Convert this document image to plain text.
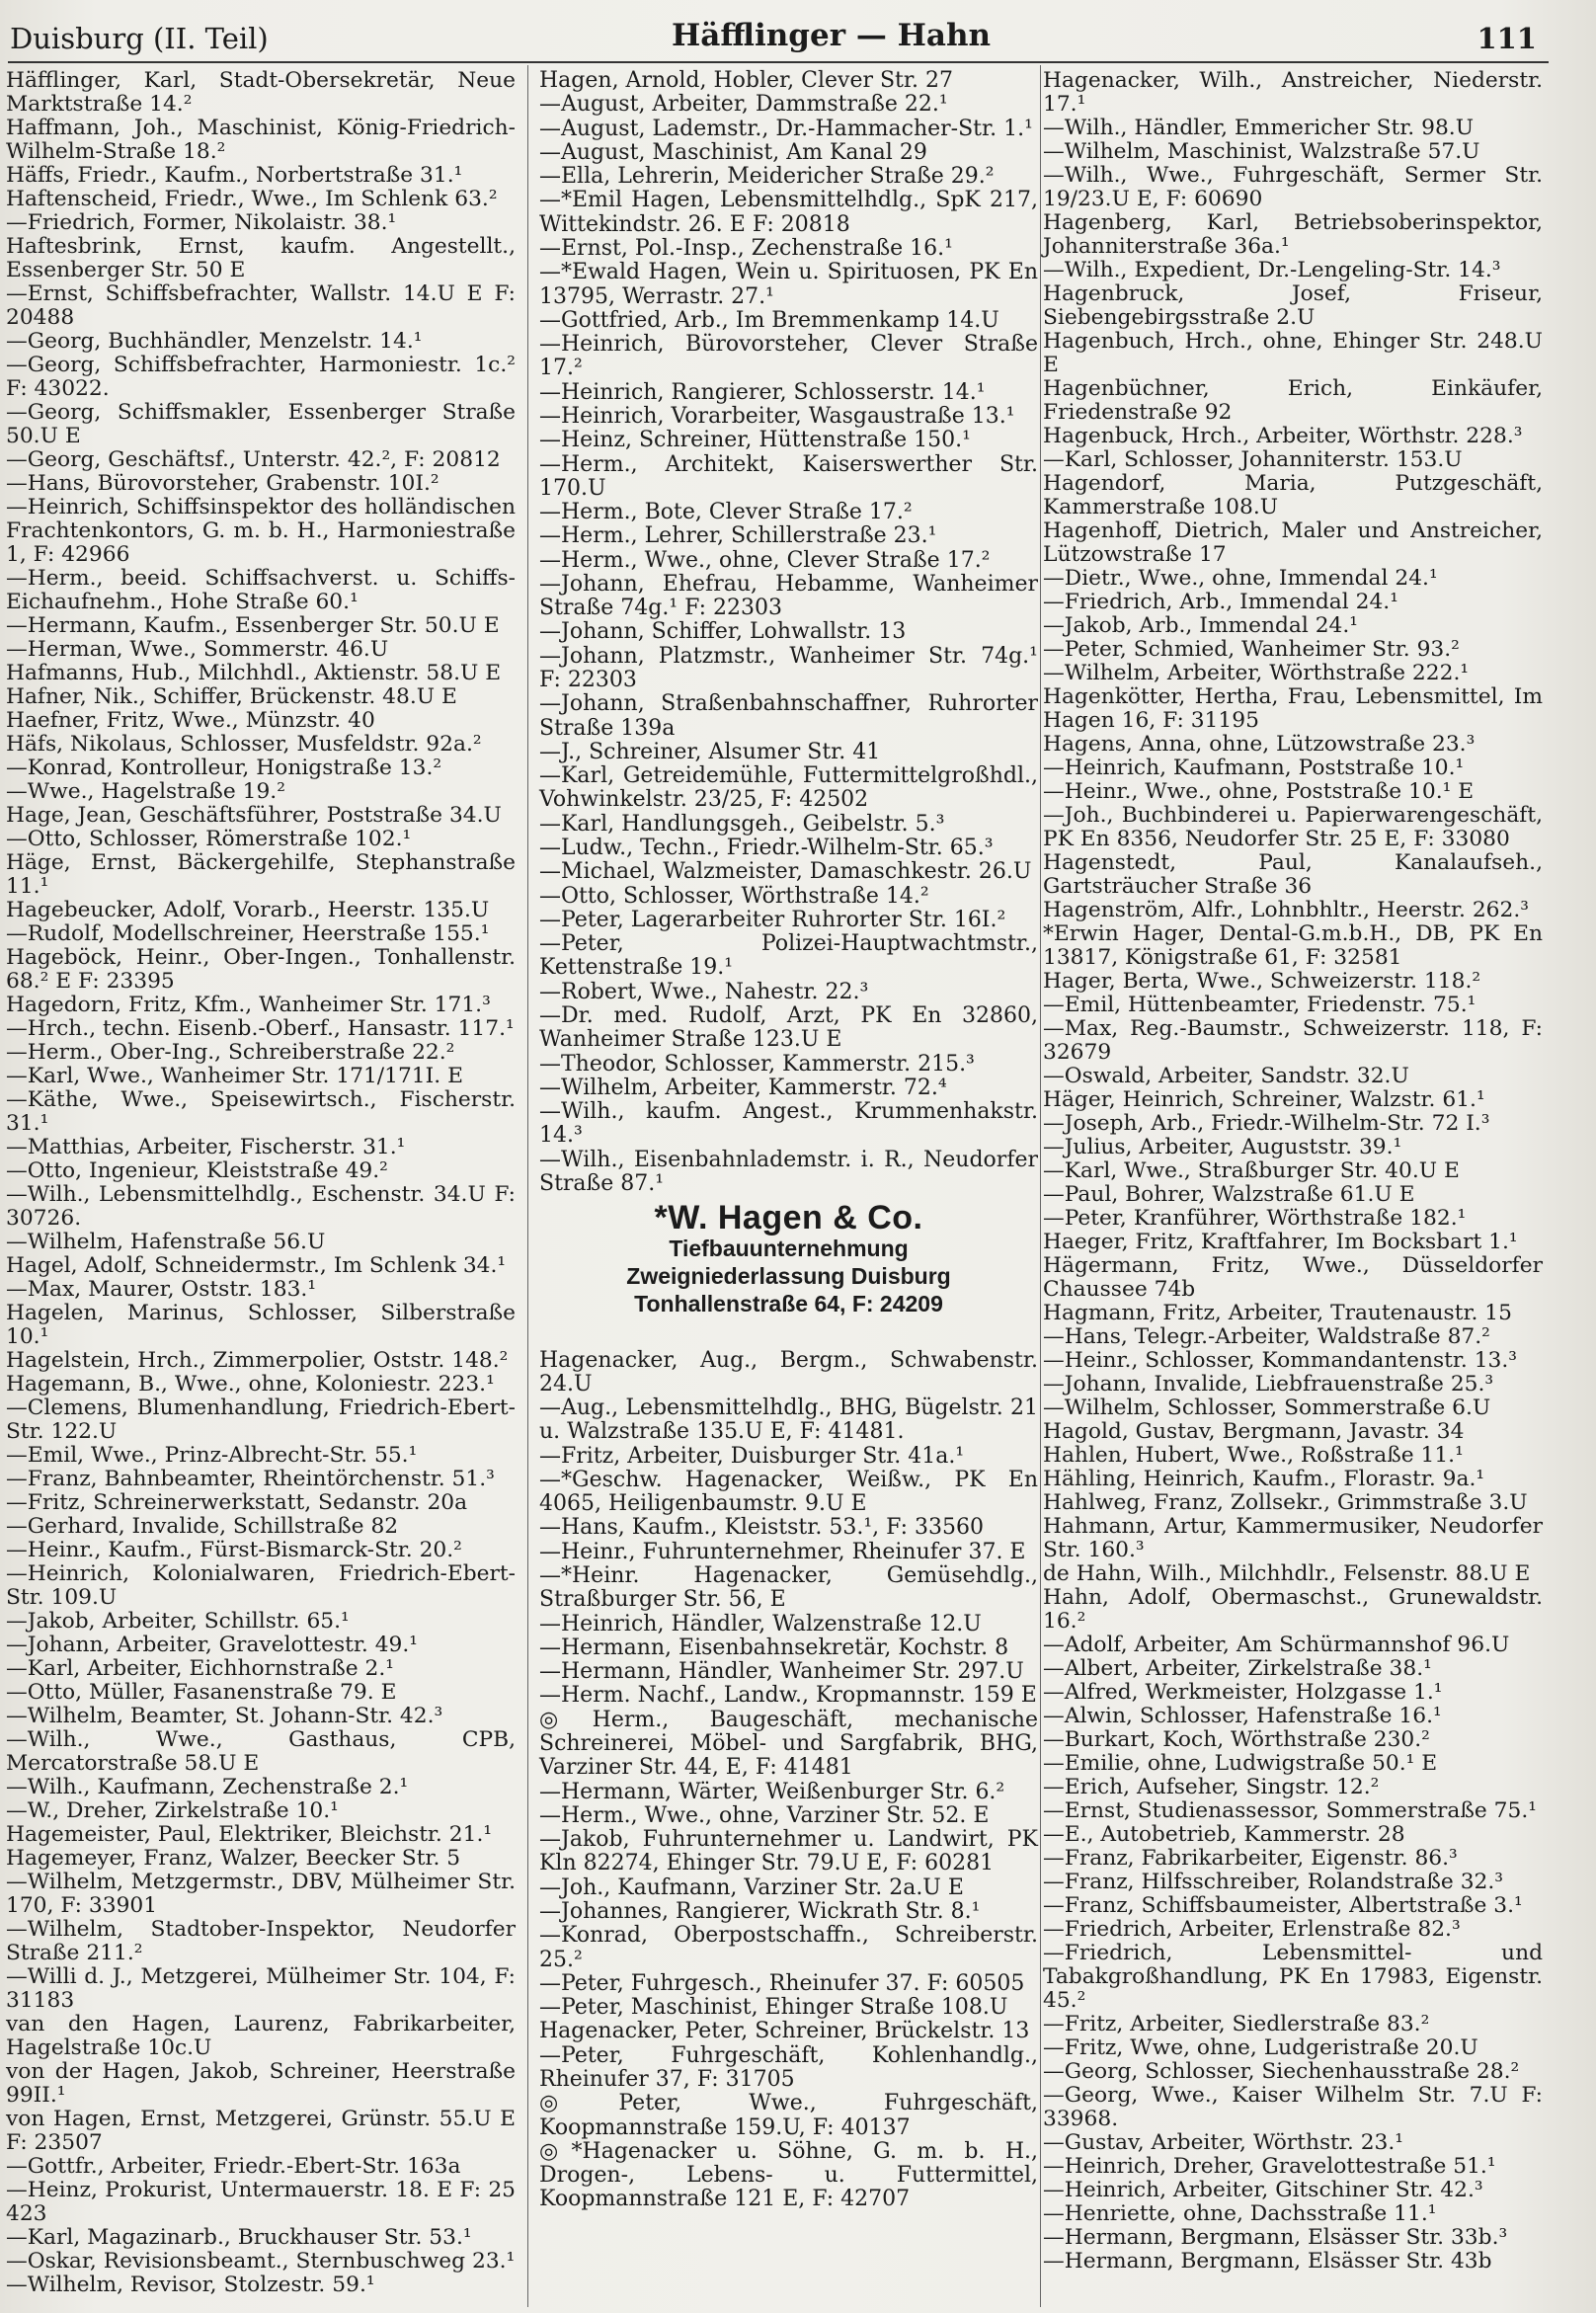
Duisburg (II. Teil)	Häfflinger — Hahn	111
Häfflinger, Karl, Stadt-Obersekretär, Neue Marktstraße 14.²
Haffmann, Joh., Maschinist, König-Friedrich-Wilhelm-Straße 18.²
Häffs, Friedr., Kaufm., Norbertstraße 31.¹
Haftenscheid, Friedr., Wwe., Im Schlenk 63.²
—Friedrich, Former, Nikolaistr. 38.¹
Haftesbrink, Ernst, kaufm. Angestellt., Essenberger Str. 50 E
—Ernst, Schiffsbefrachter, Wallstr. 14.U E F: 20488
—Georg, Buchhändler, Menzelstr. 14.¹
—Georg, Schiffsbefrachter, Harmoniestr. 1c.² F: 43022.
—Georg, Schiffsmakler, Essenberger Straße 50.U E
—Georg, Geschäftsf., Unterstr. 42.², F: 20812
—Hans, Bürovorsteher, Grabenstr. 10I.²
—Heinrich, Schiffsinspektor des holländischen Frachtenkontors, G. m. b. H., Harmoniestraße 1, F: 42966
—Herm., beeid. Schiffsachverst. u. Schiffs-Eichaufnehm., Hohe Straße 60.¹
—Hermann, Kaufm., Essenberger Str. 50.U E
—Herman, Wwe., Sommerstr. 46.U
Hafmanns, Hub., Milchhdl., Aktienstr. 58.U E
Hafner, Nik., Schiffer, Brückenstr. 48.U E
Haefner, Fritz, Wwe., Münzstr. 40
Häfs, Nikolaus, Schlosser, Musfeldstr. 92a.²
—Konrad, Kontrolleur, Honigstraße 13.²
—Wwe., Hagelstraße 19.²
Hage, Jean, Geschäftsführer, Poststraße 34.U
—Otto, Schlosser, Römerstraße 102.¹
Häge, Ernst, Bäckergehilfe, Stephanstraße 11.¹
Hagebeucker, Adolf, Vorarb., Heerstr. 135.U
—Rudolf, Modellschreiner, Heerstraße 155.¹
Hageböck, Heinr., Ober-Ingen., Tonhallenstr. 68.² E F: 23395
Hagedorn, Fritz, Kfm., Wanheimer Str. 171.³
—Hrch., techn. Eisenb.-Oberf., Hansastr. 117.¹
—Herm., Ober-Ing., Schreiberstraße 22.²
—Karl, Wwe., Wanheimer Str. 171/171I. E
—Käthe, Wwe., Speisewirtsch., Fischerstr. 31.¹
—Matthias, Arbeiter, Fischerstr. 31.¹
—Otto, Ingenieur, Kleiststraße 49.²
—Wilh., Lebensmittelhdlg., Eschenstr. 34.U F: 30726.
—Wilhelm, Hafenstraße 56.U
Hagel, Adolf, Schneidermstr., Im Schlenk 34.¹
—Max, Maurer, Oststr. 183.¹
Hagelen, Marinus, Schlosser, Silberstraße 10.¹
Hagelstein, Hrch., Zimmerpolier, Oststr. 148.²
Hagemann, B., Wwe., ohne, Koloniestr. 223.¹
—Clemens, Blumenhandlung, Friedrich-Ebert-Str. 122.U
—Emil, Wwe., Prinz-Albrecht-Str. 55.¹
—Franz, Bahnbeamter, Rheintörchenstr. 51.³
—Fritz, Schreinerwerkstatt, Sedanstr. 20a
—Gerhard, Invalide, Schillstraße 82
—Heinr., Kaufm., Fürst-Bismarck-Str. 20.²
—Heinrich, Kolonialwaren, Friedrich-Ebert-Str. 109.U
—Jakob, Arbeiter, Schillstr. 65.¹
—Johann, Arbeiter, Gravelottestr. 49.¹
—Karl, Arbeiter, Eichhornstraße 2.¹
—Otto, Müller, Fasanenstraße 79. E
—Wilhelm, Beamter, St. Johann-Str. 42.³
—Wilh., Wwe., Gasthaus, CPB, Mercatorstraße 58.U E
—Wilh., Kaufmann, Zechenstraße 2.¹
—W., Dreher, Zirkelstraße 10.¹
Hagemeister, Paul, Elektriker, Bleichstr. 21.¹
Hagemeyer, Franz, Walzer, Beecker Str. 5
—Wilhelm, Metzgermstr., DBV, Mülheimer Str. 170, F: 33901
—Wilhelm, Stadtober-Inspektor, Neudorfer Straße 211.²
—Willi d. J., Metzgerei, Mülheimer Str. 104, F: 31183
van den Hagen, Laurenz, Fabrikarbeiter, Hagelstraße 10c.U
von der Hagen, Jakob, Schreiner, Heerstraße 99II.¹
von Hagen, Ernst, Metzgerei, Grünstr. 55.U E F: 23507
—Gottfr., Arbeiter, Friedr.-Ebert-Str. 163a
—Heinz, Prokurist, Untermauerstr. 18. E F: 25 423
—Karl, Magazinarb., Bruckhauser Str. 53.¹
—Oskar, Revisionsbeamt., Sternbuschweg 23.¹
—Wilhelm, Revisor, Stolzestr. 59.¹
Hagen, Arnold, Hobler, Clever Str. 27
—August, Arbeiter, Dammstraße 22.¹
—August, Lademstr., Dr.-Hammacher-Str. 1.¹
—August, Maschinist, Am Kanal 29
—Ella, Lehrerin, Meidericher Straße 29.²
—*Emil Hagen, Lebensmittelhdlg., SpK 217, Wittekindstr. 26. E F: 20818
—Ernst, Pol.-Insp., Zechenstraße 16.¹
—*Ewald Hagen, Wein u. Spirituosen, PK En 13795, Werrastr. 27.¹
—Gottfried, Arb., Im Bremmenkamp 14.U
—Heinrich, Bürovorsteher, Clever Straße 17.²
—Heinrich, Rangierer, Schlosserstr. 14.¹
—Heinrich, Vorarbeiter, Wasgaustraße 13.¹
—Heinz, Schreiner, Hüttenstraße 150.¹
—Herm., Architekt, Kaiserswerther Str. 170.U
—Herm., Bote, Clever Straße 17.²
—Herm., Lehrer, Schillerstraße 23.¹
—Herm., Wwe., ohne, Clever Straße 17.²
—Johann, Ehefrau, Hebamme, Wanheimer Straße 74g.¹ F: 22303
—Johann, Schiffer, Lohwallstr. 13
—Johann, Platzmstr., Wanheimer Str. 74g.¹ F: 22303
—Johann, Straßenbahnschaffner, Ruhrorter Straße 139a
—J., Schreiner, Alsumer Str. 41
—Karl, Getreidemühle, Futtermittelgroßhdl., Vohwinkelstr. 23/25, F: 42502
—Karl, Handlungsgeh., Geibelstr. 5.³
—Ludw., Techn., Friedr.-Wilhelm-Str. 65.³
—Michael, Walzmeister, Damaschkestr. 26.U
—Otto, Schlosser, Wörthstraße 14.²
—Peter, Lagerarbeiter Ruhrorter Str. 16I.²
—Peter, Polizei-Hauptwachtmstr., Kettenstraße 19.¹
—Robert, Wwe., Nahestr. 22.³
—Dr. med. Rudolf, Arzt, PK En 32860, Wanheimer Straße 123.U E
—Theodor, Schlosser, Kammerstr. 215.³
—Wilhelm, Arbeiter, Kammerstr. 72.⁴
—Wilh., kaufm. Angest., Krummenhakstr. 14.³
—Wilh., Eisenbahnlademstr. i. R., Neudorfer Straße 87.¹
*W. Hagen & Co.
Tiefbauunternehmung
Zweigniederlassung Duisburg
Tonhallenstraße 64, F: 24209
Hagenacker, Aug., Bergm., Schwabenstr. 24.U
—Aug., Lebensmittelhdlg., BHG, Bügelstr. 21 u. Walzstraße 135.U E, F: 41481.
—Fritz, Arbeiter, Duisburger Str. 41a.¹
—*Geschw. Hagenacker, Weißw., PK En 4065, Heiligenbaumstr. 9.U E
—Hans, Kaufm., Kleiststr. 53.¹, F: 33560
—Heinr., Fuhrunternehmer, Rheinufer 37. E
—*Heinr. Hagenacker, Gemüsehdlg., Straßburger Str. 56, E
—Heinrich, Händler, Walzenstraße 12.U
—Hermann, Eisenbahnsekretär, Kochstr. 8
—Hermann, Händler, Wanheimer Str. 297.U
—Herm. Nachf., Landw., Kropmannstr. 159 E
◎Herm., Baugeschäft, mechanische Schreinerei, Möbel- und Sargfabrik, BHG, Varziner Str. 44, E, F: 41481
—Hermann, Wärter, Weißenburger Str. 6.²
—Herm., Wwe., ohne, Varziner Str. 52. E
—Jakob, Fuhrunternehmer u. Landwirt, PK Kln 82274, Ehinger Str. 79.U E, F: 60281
—Joh., Kaufmann, Varziner Str. 2a.U E
—Johannes, Rangierer, Wickrath Str. 8.¹
—Konrad, Oberpostschaffn., Schreiberstr. 25.²
—Peter, Fuhrgesch., Rheinufer 37. F: 60505
—Peter, Maschinist, Ehinger Straße 108.U
Hagenacker, Peter, Schreiner, Brückelstr. 13
—Peter, Fuhrgeschäft, Kohlenhandlg., Rheinufer 37, F: 31705
◎Peter, Wwe., Fuhrgeschäft, Koopmannstraße 159.U, F: 40137
◎*Hagenacker u. Söhne, G. m. b. H., Drogen-, Lebens- u. Futtermittel, Koopmannstraße 121 E, F: 42707
Hagenacker, Wilh., Anstreicher, Niederstr. 17.¹
—Wilh., Händler, Emmericher Str. 98.U
—Wilhelm, Maschinist, Walzstraße 57.U
—Wilh., Wwe., Fuhrgeschäft, Sermer Str. 19/23.U E, F: 60690
Hagenberg, Karl, Betriebsoberinspektor, Johanniterstraße 36a.¹
—Wilh., Expedient, Dr.-Lengeling-Str. 14.³
Hagenbruck, Josef, Friseur, Siebengebirgsstraße 2.U
Hagenbuch, Hrch., ohne, Ehinger Str. 248.U E
Hagenbüchner, Erich, Einkäufer, Friedenstraße 92
Hagenbuck, Hrch., Arbeiter, Wörthstr. 228.³
—Karl, Schlosser, Johanniterstr. 153.U
Hagendorf, Maria, Putzgeschäft, Kammerstraße 108.U
Hagenhoff, Dietrich, Maler und Anstreicher, Lützowstraße 17
—Dietr., Wwe., ohne, Immendal 24.¹
—Friedrich, Arb., Immendal 24.¹
—Jakob, Arb., Immendal 24.¹
—Peter, Schmied, Wanheimer Str. 93.²
—Wilhelm, Arbeiter, Wörthstraße 222.¹
Hagenkötter, Hertha, Frau, Lebensmittel, Im Hagen 16, F: 31195
Hagens, Anna, ohne, Lützowstraße 23.³
—Heinrich, Kaufmann, Poststraße 10.¹
—Heinr., Wwe., ohne, Poststraße 10.¹ E
—Joh., Buchbinderei u. Papierwarengeschäft, PK En 8356, Neudorfer Str. 25 E, F: 33080
Hagenstedt, Paul, Kanalaufseh., Gartsträucher Straße 36
Hagenström, Alfr., Lohnbhltr., Heerstr. 262.³
*Erwin Hager, Dental-G.m.b.H., DB, PK En 13817, Königstraße 61, F: 32581
Hager, Berta, Wwe., Schweizerstr. 118.²
—Emil, Hüttenbeamter, Friedenstr. 75.¹
—Max, Reg.-Baumstr., Schweizerstr. 118, F: 32679
—Oswald, Arbeiter, Sandstr. 32.U
Häger, Heinrich, Schreiner, Walzstr. 61.¹
—Joseph, Arb., Friedr.-Wilhelm-Str. 72 I.³
—Julius, Arbeiter, Auguststr. 39.¹
—Karl, Wwe., Straßburger Str. 40.U E
—Paul, Bohrer, Walzstraße 61.U E
—Peter, Kranführer, Wörthstraße 182.¹
Haeger, Fritz, Kraftfahrer, Im Bocksbart 1.¹
Hägermann, Fritz, Wwe., Düsseldorfer Chaussee 74b
Hagmann, Fritz, Arbeiter, Trautenaustr. 15
—Hans, Telegr.-Arbeiter, Waldstraße 87.²
—Heinr., Schlosser, Kommandantenstr. 13.³
—Johann, Invalide, Liebfrauenstraße 25.³
—Wilhelm, Schlosser, Sommerstraße 6.U
Hagold, Gustav, Bergmann, Javastr. 34
Hahlen, Hubert, Wwe., Roßstraße 11.¹
Hähling, Heinrich, Kaufm., Florastr. 9a.¹
Hahlweg, Franz, Zollsekr., Grimmstraße 3.U
Hahmann, Artur, Kammermusiker, Neudorfer Str. 160.³
de Hahn, Wilh., Milchhdlr., Felsenstr. 88.U E
Hahn, Adolf, Obermaschst., Grunewaldstr. 16.²
—Adolf, Arbeiter, Am Schürmannshof 96.U
—Albert, Arbeiter, Zirkelstraße 38.¹
—Alfred, Werkmeister, Holzgasse 1.¹
—Alwin, Schlosser, Hafenstraße 16.¹
—Burkart, Koch, Wörthstraße 230.²
—Emilie, ohne, Ludwigstraße 50.¹ E
—Erich, Aufseher, Singstr. 12.²
—Ernst, Studienassessor, Sommerstraße 75.¹
—E., Autobetrieb, Kammerstr. 28
—Franz, Fabrikarbeiter, Eigenstr. 86.³
—Franz, Hilfsschreiber, Rolandstraße 32.³
—Franz, Schiffsbaumeister, Albertstraße 3.¹
—Friedrich, Arbeiter, Erlenstraße 82.³
—Friedrich, Lebensmittel- und Tabakgroßhandlung, PK En 17983, Eigenstr. 45.²
—Fritz, Arbeiter, Siedlerstraße 83.²
—Fritz, Wwe, ohne, Ludgeristraße 20.U
—Georg, Schlosser, Siechenhausstraße 28.²
—Georg, Wwe., Kaiser Wilhelm Str. 7.U F: 33968.
—Gustav, Arbeiter, Wörthstr. 23.¹
—Heinrich, Dreher, Gravelottestraße 51.¹
—Heinrich, Arbeiter, Gitschiner Str. 42.³
—Henriette, ohne, Dachsstraße 11.¹
—Hermann, Bergmann, Elsässer Str. 33b.³
—Hermann, Bergmann, Elsässer Str. 43b
